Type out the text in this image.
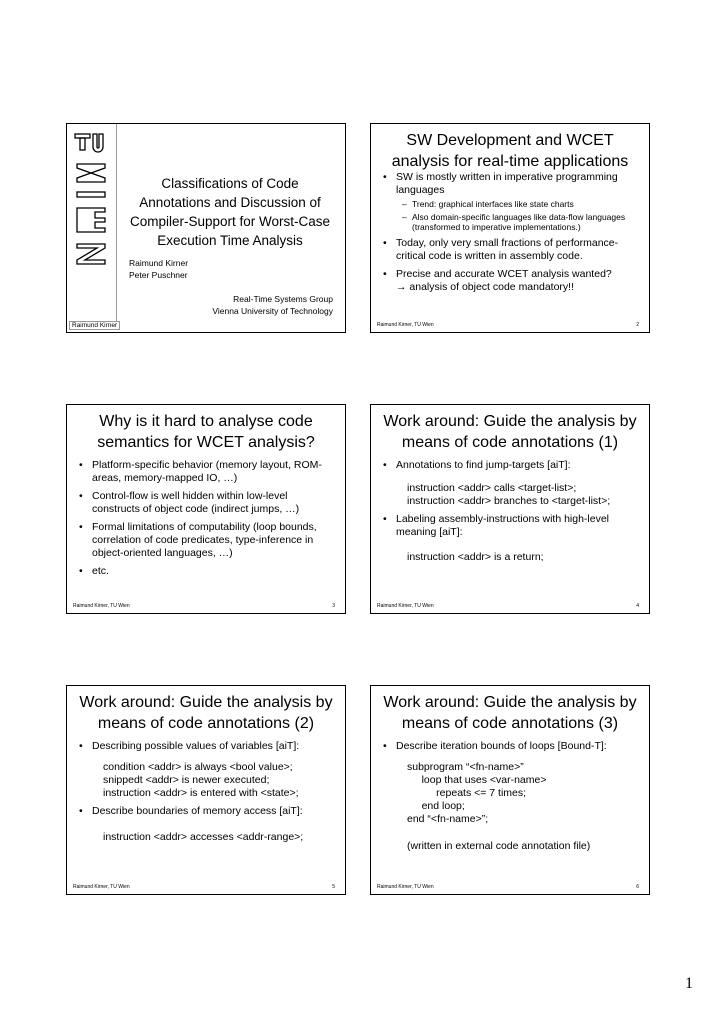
Classifications of Code
Annotations and Discussion of
Compiler-Support for Worst-Case
Execution Time Analysis
Raimund Kirner
Peter Puschner
Real-Time Systems Group
Vienna University of Technology
Raimund Kirner
SW Development and WCET analysis for real-time applications
• SW is mostly written in imperative programming languages
– Trend: graphical interfaces like state charts
– Also domain-specific languages like data-flow languages (transformed to imperative implementations.)
• Today, only very small fractions of performance-critical code is written in assembly code.
• Precise and accurate WCET analysis wanted?
→ analysis of object code mandatory!!
Raimund Kirner, TU Wien	2
Why is it hard to analyse code semantics for WCET analysis?
• Platform-specific behavior (memory layout, ROM-areas, memory-mapped IO, …)
• Control-flow is well hidden within low-level constructs of object code (indirect jumps, …)
• Formal limitations of computability (loop bounds, correlation of code predicates, type-inference in object-oriented languages, …)
• etc.
Raimund Kirner, TU Wien	3
Work around: Guide the analysis by means of code annotations (1)
• Annotations to find jump-targets [aiT]:
instruction <addr> calls <target-list>;
instruction <addr> branches to <target-list>;
• Labeling assembly-instructions with high-level meaning [aiT]:
instruction <addr> is a return;
Raimund Kirner, TU Wien	4
Work around: Guide the analysis by means of code annotations (2)
• Describing possible values of variables [aiT]:
condition <addr> is always <bool value>;
snippedt <addr> is newer executed;
instruction <addr> is entered with <state>;
• Describe boundaries of memory access [aiT]:
instruction <addr> accesses <addr-range>;
Raimund Kirner, TU Wien	5
Work around: Guide the analysis by means of code annotations (3)
• Describe iteration bounds of loops [Bound-T]:
subprogram “<fn-name>”
loop that uses <var-name>
repeats <= 7 times;
end loop;
end “<fn-name>”;
(written in external code annotation file)
Raimund Kirner, TU Wien	6
1
